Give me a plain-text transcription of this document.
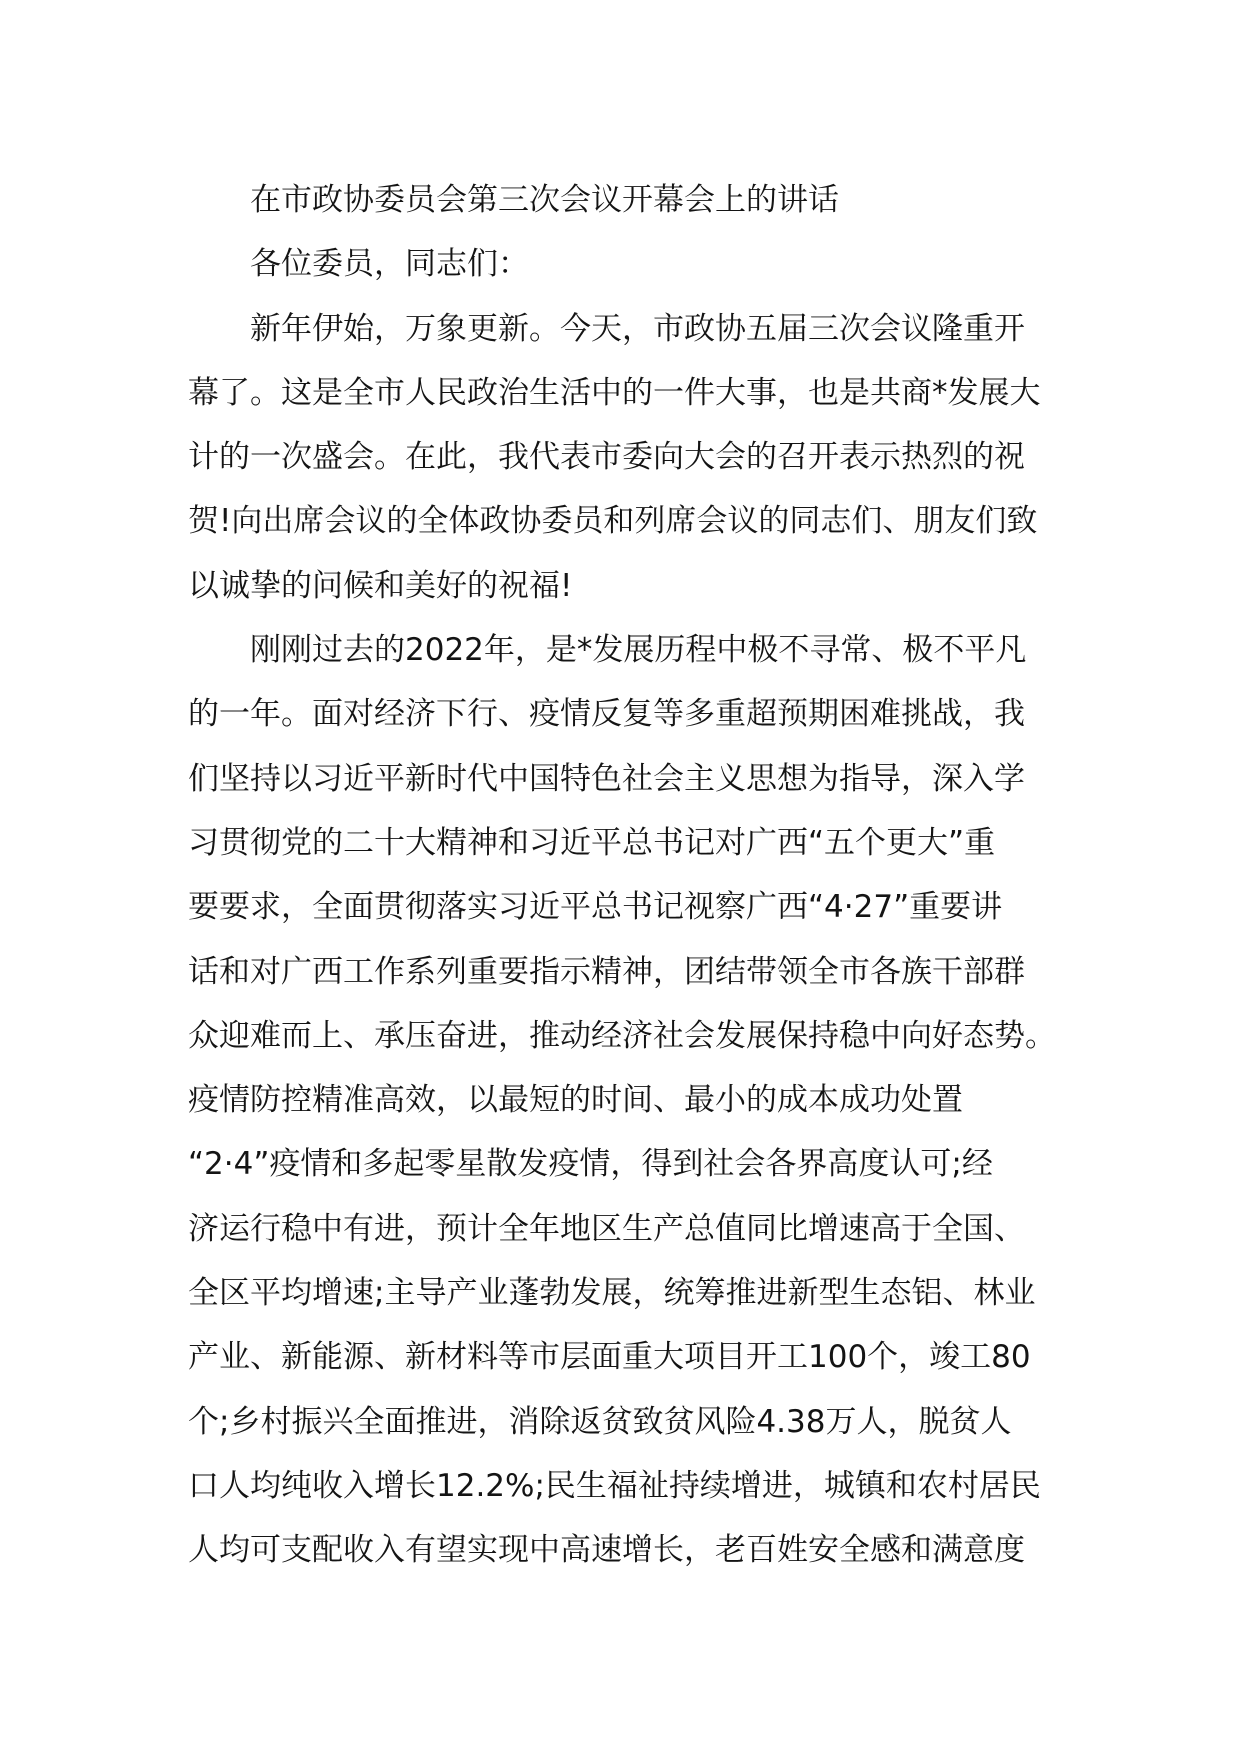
在市政协委员会第三次会议开幕会上的讲话
各位委员，同志们：
新年伊始，万象更新。今天，市政协五届三次会议隆重开
幕了。这是全市人民政治生活中的一件大事，也是共商*发展大
计的一次盛会。在此，我代表市委向大会的召开表示热烈的祝
贺!向出席会议的全体政协委员和列席会议的同志们、朋友们致
以诚挚的问候和美好的祝福!
刚刚过去的2022年，是*发展历程中极不寻常、极不平凡
的一年。面对经济下行、疫情反复等多重超预期困难挑战，我
们坚持以习近平新时代中国特色社会主义思想为指导，深入学
习贯彻党的二十大精神和习近平总书记对广西“五个更大”重
要要求，全面贯彻落实习近平总书记视察广西“4·27”重要讲
话和对广西工作系列重要指示精神，团结带领全市各族干部群
众迎难而上、承压奋进，推动经济社会发展保持稳中向好态势。
疫情防控精准高效，以最短的时间、最小的成本成功处置
“2·4”疫情和多起零星散发疫情，得到社会各界高度认可;经
济运行稳中有进，预计全年地区生产总值同比增速高于全国、
全区平均增速;主导产业蓬勃发展，统筹推进新型生态铝、林业
产业、新能源、新材料等市层面重大项目开工100个，竣工80
个;乡村振兴全面推进，消除返贫致贫风险4.38万人，脱贫人
口人均纯收入增长12.2%;民生福祉持续增进，城镇和农村居民
人均可支配收入有望实现中高速增长，老百姓安全感和满意度
